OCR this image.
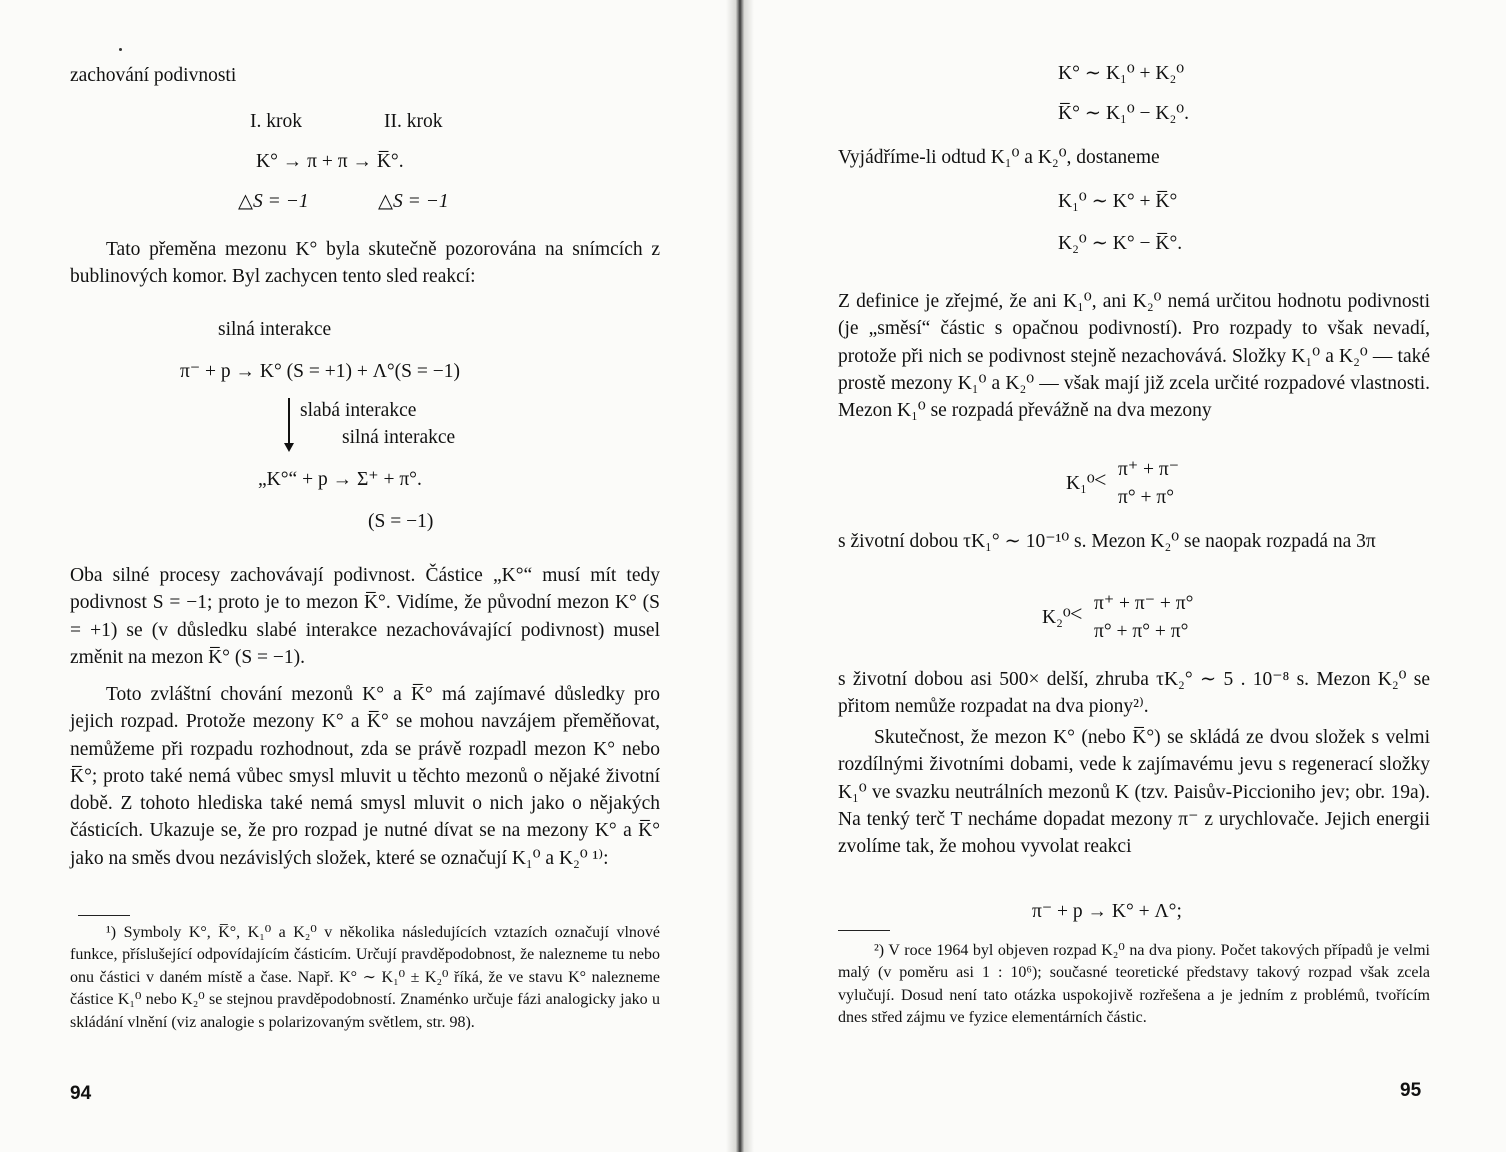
zachování podivnosti
I. krok	II. krok
K° → π + π → K̅°.
△S = −1	△S = −1

Tato přeměna mezonu K° byla skutečně pozorována na snímcích z bublinových komor. Byl zachycen tento sled reakcí:

silná interakce
π⁻ + p → K° (S = +1) + Λ°(S = −1)
slabá interakce
silná interakce
„K°“ + p → Σ⁺ + π°.
(S = −1)

Oba silné procesy zachovávají podivnost. Částice „K°“ musí mít tedy podivnost S = −1; proto je to mezon K̅°. Vidíme, že původní mezon K° (S = +1) se (v důsledku slabé interakce nezachovávající podivnost) musel změnit na mezon K̅° (S = −1).

Toto zvláštní chování mezonů K° a K̅° má zajímavé důsledky pro jejich rozpad. Protože mezony K° a K̅° se mohou navzájem přeměňovat, nemůžeme při rozpadu rozhodnout, zda se právě rozpadl mezon K° nebo K̅°; proto také nemá vůbec smysl mluvit u těchto mezonů o nějaké životní době. Z tohoto hlediska také nemá smysl mluvit o nich jako o nějakých částicích. Ukazuje se, že pro rozpad je nutné dívat se na mezony K° a K̅° jako na směs dvou nezávislých složek, které se označují K₁⁰ a K₂⁰ ¹⁾:

¹) Symboly K°, K̅°, K₁⁰ a K₂⁰ v několika následujících vztazích označují vlnové funkce, příslušející odpovídajícím částicím. Určují pravděpodobnost, že nalezneme tu nebo onu částici v daném místě a čase. Např. K° ∼ K₁⁰ ± K₂⁰ říká, že ve stavu K° nalezneme částice K₁⁰ nebo K₂⁰ se stejnou pravděpodobností. Znaménko určuje fázi analogicky jako u skládání vlnění (viz analogie s polarizovaným světlem, str. 98).

94
K° ∼ K₁⁰ + K₂⁰
K̅° ∼ K₁⁰ − K₂⁰.
Vyjádříme-li odtud K₁⁰ a K₂⁰, dostaneme
K₁⁰ ∼ K° + K̅°
K₂⁰ ∼ K° − K̅°.

Z definice je zřejmé, že ani K₁⁰, ani K₂⁰ nemá určitou hodnotu podivnosti (je „směsí“ částic s opačnou podivností). Pro rozpady to však nevadí, protože při nich se podivnost stejně nezachovává. Složky K₁⁰ a K₂⁰ — také prostě mezony K₁⁰ a K₂⁰ — však mají již zcela určité rozpadové vlastnosti. Mezon K₁⁰ se rozpadá převážně na dva mezony

K₁⁰ < π⁺ + π⁻
π° + π°

s životní dobou τK₁° ∼ 10⁻¹⁰ s. Mezon K₂⁰ se naopak rozpadá na 3π

K₂⁰ < π⁺ + π⁻ + π°
π° + π° + π°

s životní dobou asi 500× delší, zhruba τK₂° ∼ 5 . 10⁻⁸ s. Mezon K₂⁰ se přitom nemůže rozpadat na dva piony²⁾.

Skutečnost, že mezon K° (nebo K̅°) se skládá ze dvou složek s velmi rozdílnými životními dobami, vede k zajímavému jevu s regenerací složky K₁⁰ ve svazku neutrálních mezonů K (tzv. Paisův-Piccioniho jev; obr. 19a). Na tenký terč T necháme dopadat mezony π⁻ z urychlovače. Jejich energii zvolíme tak, že mohou vyvolat reakci

π⁻ + p → K° + Λ°;

²) V roce 1964 byl objeven rozpad K₂⁰ na dva piony. Počet takových případů je velmi malý (v poměru asi 1 : 10⁶); současné teoretické představy takový rozpad však zcela vylučují. Dosud není tato otázka uspokojivě rozřešena a je jedním z problémů, tvořícím dnes střed zájmu ve fyzice elementárních částic.

95
